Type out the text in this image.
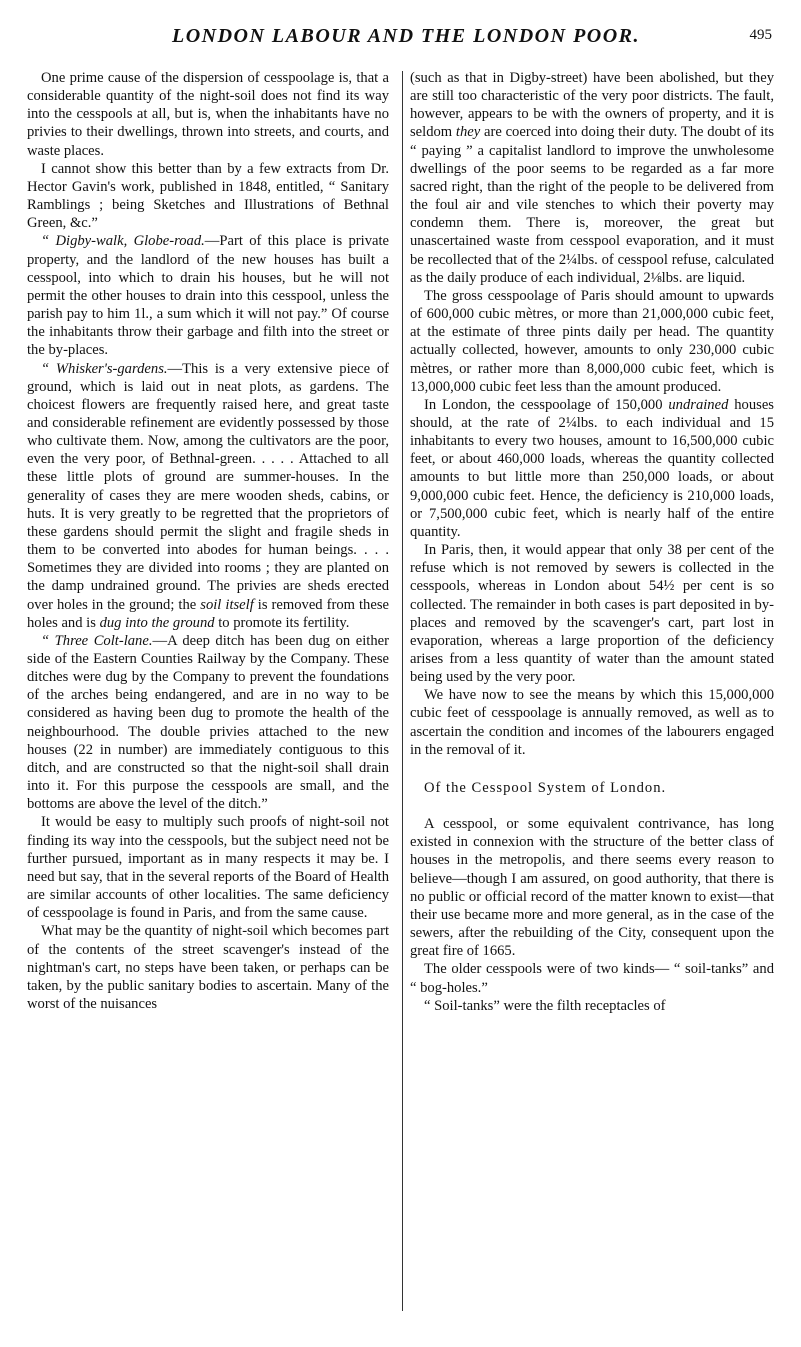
LONDON LABOUR AND THE LONDON POOR.	495

One prime cause of the dispersion of cesspoolage is, that a considerable quantity of the night-soil does not find its way into the cesspools at all, but is, when the inhabitants have no privies to their dwellings, thrown into streets, and courts, and waste places.

I cannot show this better than by a few extracts from Dr. Hector Gavin's work, published in 1848, entitled, “ Sanitary Ramblings ; being Sketches and Illustrations of Bethnal Green, &c.”

“ Digby-walk, Globe-road.—Part of this place is private property, and the landlord of the new houses has built a cesspool, into which to drain his houses, but he will not permit the other houses to drain into this cesspool, unless the parish pay to him 1l., a sum which it will not pay.” Of course the inhabitants throw their garbage and filth into the street or the by-places.

“ Whisker's-gardens.—This is a very extensive piece of ground, which is laid out in neat plots, as gardens. The choicest flowers are frequently raised here, and great taste and considerable refinement are evidently possessed by those who cultivate them. Now, among the cultivators are the poor, even the very poor, of Bethnal-green. . . . . Attached to all these little plots of ground are summer-houses. In the generality of cases they are mere wooden sheds, cabins, or huts. It is very greatly to be regretted that the proprietors of these gardens should permit the slight and fragile sheds in them to be converted into abodes for human beings. . . . Sometimes they are divided into rooms ; they are planted on the damp undrained ground. The privies are sheds erected over holes in the ground; the soil itself is removed from these holes and is dug into the ground to promote its fertility.

“ Three Colt-lane.—A deep ditch has been dug on either side of the Eastern Counties Railway by the Company. These ditches were dug by the Company to prevent the foundations of the arches being endangered, and are in no way to be considered as having been dug to promote the health of the neighbourhood. The double privies attached to the new houses (22 in number) are immediately contiguous to this ditch, and are constructed so that the night-soil shall drain into it. For this purpose the cesspools are small, and the bottoms are above the level of the ditch.”

It would be easy to multiply such proofs of night-soil not finding its way into the cesspools, but the subject need not be further pursued, important as in many respects it may be. I need but say, that in the several reports of the Board of Health are similar accounts of other localities. The same deficiency of cesspoolage is found in Paris, and from the same cause.

What may be the quantity of night-soil which becomes part of the contents of the street scavenger's instead of the nightman's cart, no steps have been taken, or perhaps can be taken, by the public sanitary bodies to ascertain. Many of the worst of the nuisances

(such as that in Digby-street) have been abolished, but they are still too characteristic of the very poor districts. The fault, however, appears to be with the owners of property, and it is seldom they are coerced into doing their duty. The doubt of its “ paying ” a capitalist landlord to improve the unwholesome dwellings of the poor seems to be regarded as a far more sacred right, than the right of the people to be delivered from the foul air and vile stenches to which their poverty may condemn them. There is, moreover, the great but unascertained waste from cesspool evaporation, and it must be recollected that of the 2¼lbs. of cesspool refuse, calculated as the daily produce of each individual, 2⅛lbs. are liquid.

The gross cesspoolage of Paris should amount to upwards of 600,000 cubic mètres, or more than 21,000,000 cubic feet, at the estimate of three pints daily per head. The quantity actually collected, however, amounts to only 230,000 cubic mètres, or rather more than 8,000,000 cubic feet, which is 13,000,000 cubic feet less than the amount produced.

In London, the cesspoolage of 150,000 undrained houses should, at the rate of 2¼lbs. to each individual and 15 inhabitants to every two houses, amount to 16,500,000 cubic feet, or about 460,000 loads, whereas the quantity collected amounts to but little more than 250,000 loads, or about 9,000,000 cubic feet. Hence, the deficiency is 210,000 loads, or 7,500,000 cubic feet, which is nearly half of the entire quantity.

In Paris, then, it would appear that only 38 per cent of the refuse which is not removed by sewers is collected in the cesspools, whereas in London about 54½ per cent is so collected. The remainder in both cases is part deposited in by-places and removed by the scavenger's cart, part lost in evaporation, whereas a large proportion of the deficiency arises from a less quantity of water than the amount stated being used by the very poor.

We have now to see the means by which this 15,000,000 cubic feet of cesspoolage is annually removed, as well as to ascertain the condition and incomes of the labourers engaged in the removal of it.

Of the Cesspool System of London.

A cesspool, or some equivalent contrivance, has long existed in connexion with the structure of the better class of houses in the metropolis, and there seems every reason to believe—though I am assured, on good authority, that there is no public or official record of the matter known to exist—that their use became more and more general, as in the case of the sewers, after the rebuilding of the City, consequent upon the great fire of 1665.

The older cesspools were of two kinds— “ soil-tanks” and “ bog-holes.”

“ Soil-tanks” were the filth receptacles of
